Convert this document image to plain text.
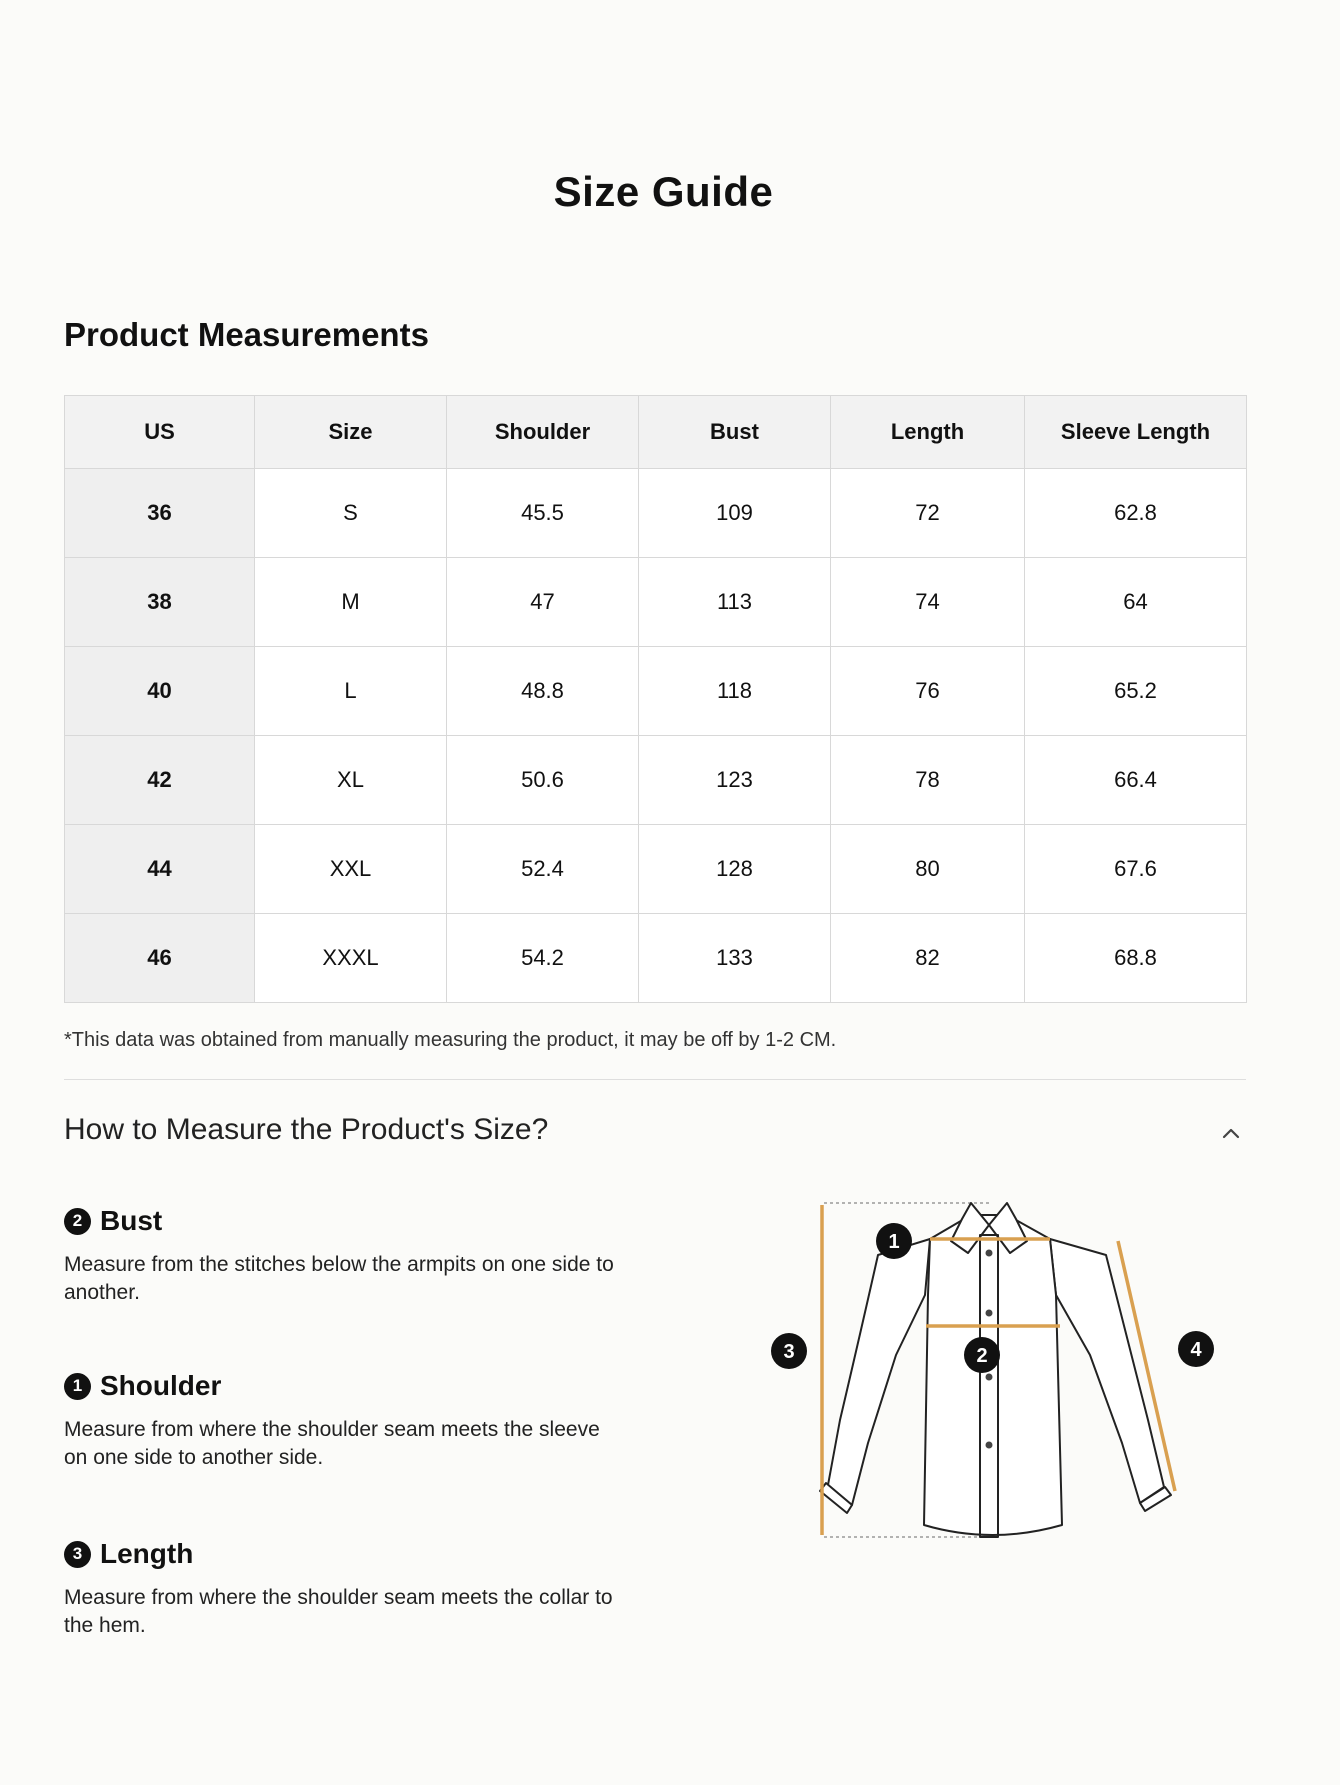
Size Guide
Product Measurements
US	Size	Shoulder	Bust	Length	Sleeve Length
36	S	45.5	109	72	62.8
38	M	47	113	74	64
40	L	48.8	118	76	65.2
42	XL	50.6	123	78	66.4
44	XXL	52.4	128	80	67.6
46	XXXL	54.2	133	82	68.8
*This data was obtained from manually measuring the product, it may be off by 1-2 CM.
How to Measure the Product's Size?
2 Bust
Measure from the stitches below the armpits on one side to another.
1 Shoulder
Measure from where the shoulder seam meets the sleeve on one side to another side.
3 Length
Measure from where the shoulder seam meets the collar to the hem.
1
2
3	4
